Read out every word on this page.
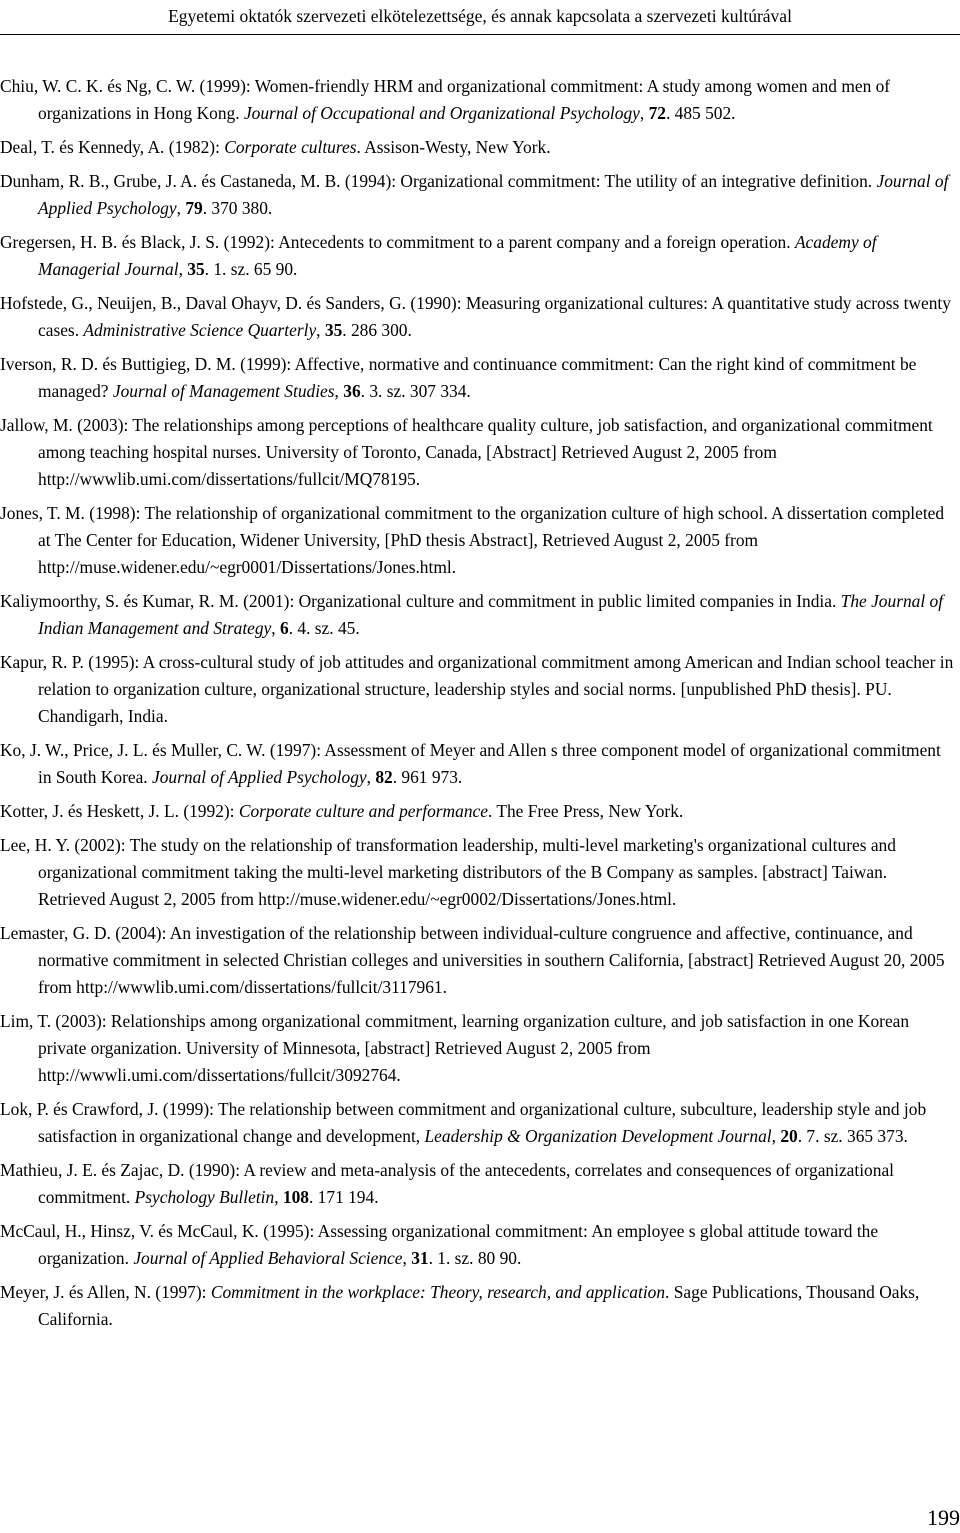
Egyetemi oktatók szervezeti elkötelezettsége, és annak kapcsolata a szervezeti kultúrával
Chiu, W. C. K. és Ng, C. W. (1999): Women-friendly HRM and organizational commitment: A study among women and men of organizations in Hong Kong. Journal of Occupational and Organizational Psychology, 72. 485 502.
Deal, T. és Kennedy, A. (1982): Corporate cultures. Assison-Westy, New York.
Dunham, R. B., Grube, J. A. és Castaneda, M. B. (1994): Organizational commitment: The utility of an integrative definition. Journal of Applied Psychology, 79. 370 380.
Gregersen, H. B. és Black, J. S. (1992): Antecedents to commitment to a parent company and a foreign operation. Academy of Managerial Journal, 35. 1. sz. 65 90.
Hofstede, G., Neuijen, B., Daval Ohayv, D. és Sanders, G. (1990): Measuring organizational cultures: A quantitative study across twenty cases. Administrative Science Quarterly, 35. 286 300.
Iverson, R. D. és Buttigieg, D. M. (1999): Affective, normative and continuance commitment: Can the right kind of commitment be managed? Journal of Management Studies, 36. 3. sz. 307 334.
Jallow, M. (2003): The relationships among perceptions of healthcare quality culture, job satisfaction, and organizational commitment among teaching hospital nurses. University of Toronto, Canada, [Abstract] Retrieved August 2, 2005 from http://wwwlib.umi.com/dissertations/fullcit/MQ78195.
Jones, T. M. (1998): The relationship of organizational commitment to the organization culture of high school. A dissertation completed at The Center for Education, Widener University, [PhD thesis Abstract], Retrieved August 2, 2005 from http://muse.widener.edu/~egr0001/Dissertations/Jones.html.
Kaliymoorthy, S. és Kumar, R. M. (2001): Organizational culture and commitment in public limited companies in India. The Journal of Indian Management and Strategy, 6. 4. sz. 45.
Kapur, R. P. (1995): A cross-cultural study of job attitudes and organizational commitment among American and Indian school teacher in relation to organization culture, organizational structure, leadership styles and social norms. [unpublished PhD thesis]. PU. Chandigarh, India.
Ko, J. W., Price, J. L. és Muller, C. W. (1997): Assessment of Meyer and Allen s three component model of organizational commitment in South Korea. Journal of Applied Psychology, 82. 961 973.
Kotter, J. és Heskett, J. L. (1992): Corporate culture and performance. The Free Press, New York.
Lee, H. Y. (2002): The study on the relationship of transformation leadership, multi-level marketing's organizational cultures and organizational commitment taking the multi-level marketing distributors of the B Company as samples. [abstract] Taiwan. Retrieved August 2, 2005 from http://muse.widener.edu/~egr0002/Dissertations/Jones.html.
Lemaster, G. D. (2004): An investigation of the relationship between individual-culture congruence and affective, continuance, and normative commitment in selected Christian colleges and universities in southern California, [abstract] Retrieved August 20, 2005 from http://wwwlib.umi.com/dissertations/fullcit/3117961.
Lim, T. (2003): Relationships among organizational commitment, learning organization culture, and job satisfaction in one Korean private organization. University of Minnesota, [abstract] Retrieved August 2, 2005 from http://wwwli.umi.com/dissertations/fullcit/3092764.
Lok, P. és Crawford, J. (1999): The relationship between commitment and organizational culture, subculture, leadership style and job satisfaction in organizational change and development, Leadership & Organization Development Journal, 20. 7. sz. 365 373.
Mathieu, J. E. és Zajac, D. (1990): A review and meta-analysis of the antecedents, correlates and consequences of organizational commitment. Psychology Bulletin, 108. 171 194.
McCaul, H., Hinsz, V. és McCaul, K. (1995): Assessing organizational commitment: An employee s global attitude toward the organization. Journal of Applied Behavioral Science, 31. 1. sz. 80 90.
Meyer, J. és Allen, N. (1997): Commitment in the workplace: Theory, research, and application. Sage Publications, Thousand Oaks, California.
199
